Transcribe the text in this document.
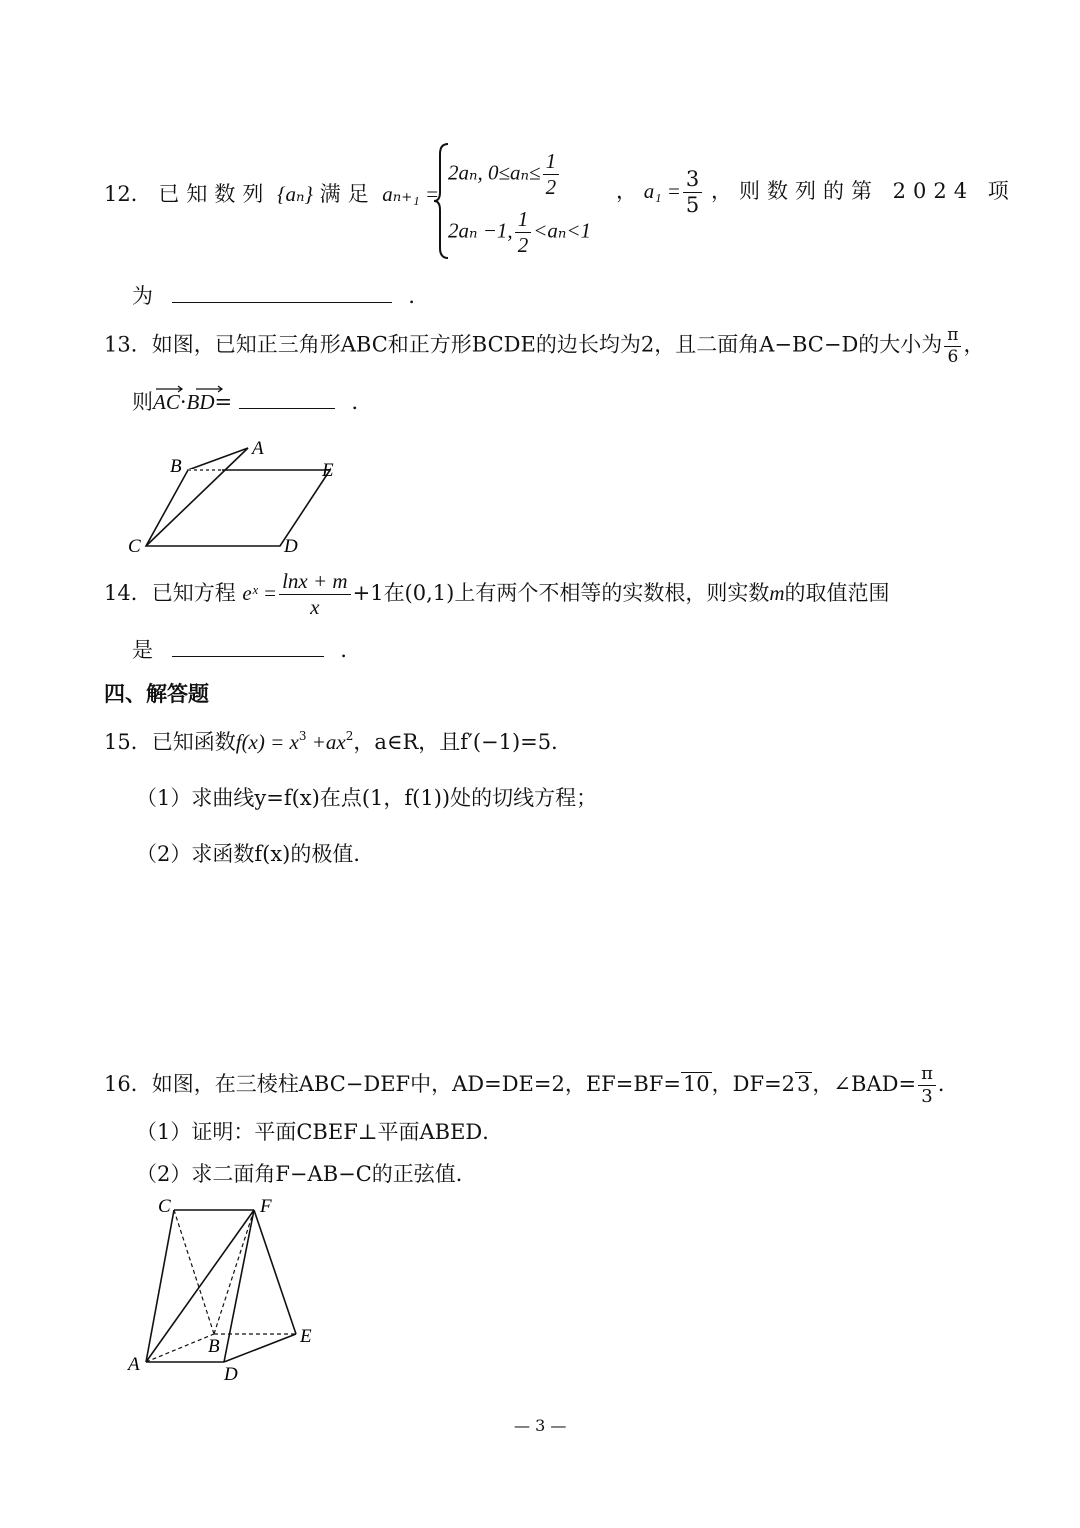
12． 已知数列 {aₙ} 满足 aₙ₊₁ =
2aₙ, $0\le a_n\le \frac{1}{2}$
2aₙ −1, $\frac{1}{2} <a_n<1$
， $a_1 = \frac{3}{5}$ ，则数列的第 2024 项
为	．
13．如图，已知正三角形ABC和正方形BCDE的边长均为2，且二面角A−BC−D的大小为 $\frac{\pi}{6}$ ，
则AC·BD=	．
A
B
C	D
E
14．已知方程 eˣ = $\frac{\ln x + m}{x} +1$在(0,1)上有两个不相等的实数根，则实数m的取值范围
是	．
四、解答题
15．已知函数$f(x) = x^3 +ax^2$，a∈R，且f′(−1)=5．
（1）求曲线y=f(x)在点(1，f(1))处的切线方程；
（2）求函数f(x)的极值．
16．如图，在三棱柱ABC−DEF中，AD=DE=2，EF=BF=10，DF=23，∠BAD= $\frac{\pi}{3}$ ．
（1）证明：平面CBEF⊥平面ABED．
（2）求二面角F−AB−C的正弦值．
C	F
B	E
A	D
— 3 —
